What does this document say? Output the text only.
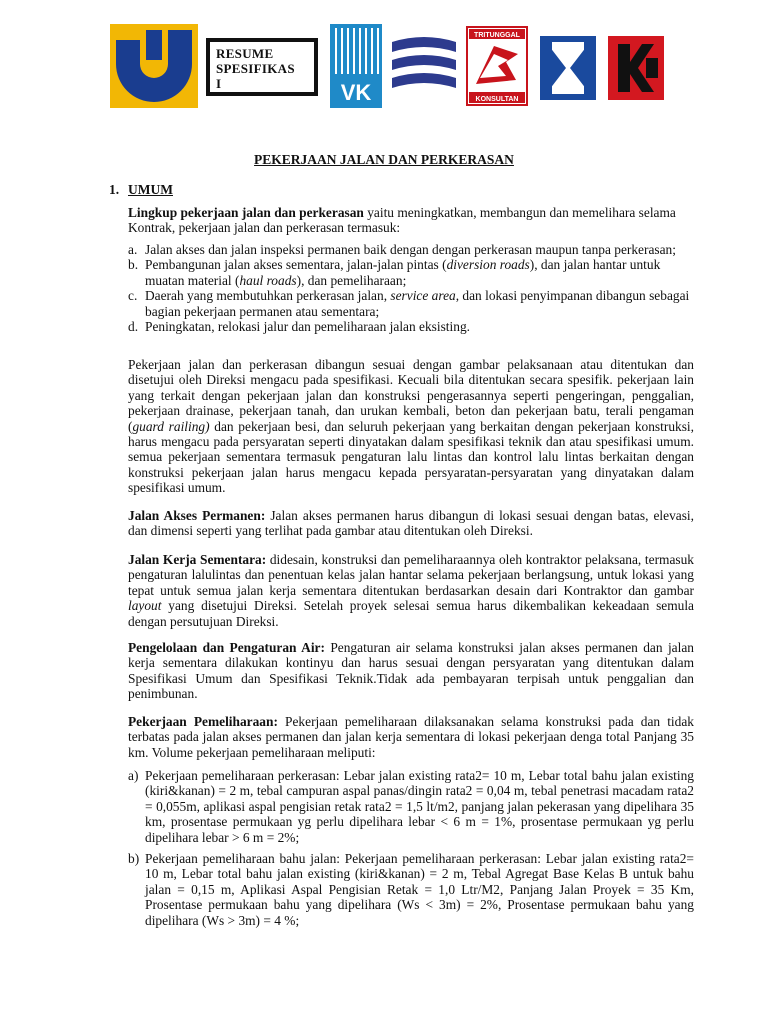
RESUME
SPESIFIKAS
I	VK
TRITUNGGAL
KONSULTAN
PEKERJAAN JALAN DAN PERKERASAN
1. UMUM

Lingkup pekerjaan jalan dan perkerasan yaitu meningkatkan, membangun dan memelihara selama Kontrak, pekerjaan jalan dan perkerasan termasuk:

a. Jalan akses dan jalan inspeksi permanen baik dengan dengan perkerasan maupun tanpa perkerasan;
b. Pembangunan jalan akses sementara, jalan-jalan pintas (diversion roads), dan jalan hantar untuk muatan material (haul roads), dan pemeliharaan;
c. Daerah yang membutuhkan perkerasan jalan, service area, dan lokasi penyimpanan dibangun sebagai bagian pekerjaan permanen atau sementara;
d. Peningkatan, relokasi jalur dan pemeliharaan jalan eksisting.

Pekerjaan jalan dan perkerasan dibangun sesuai dengan gambar pelaksanaan atau ditentukan dan disetujui oleh Direksi mengacu pada spesifikasi. Kecuali bila ditentukan secara spesifik. pekerjaan lain yang terkait dengan pekerjaan jalan dan konstruksi pengerasannya seperti pengeringan, penggalian, pekerjaan drainase, pekerjaan tanah, dan urukan kembali, beton dan pekerjaan batu, terali pengaman (guard railing) dan pekerjaan besi, dan seluruh pekerjaan yang berkaitan dengan pekerjaan konstruksi, harus mengacu pada persyaratan seperti dinyatakan dalam spesifikasi teknik dan atau spesifikasi umum. semua pekerjaan sementara termasuk pengaturan lalu lintas dan kontrol lalu lintas berkaitan dengan konstruksi pekerjaan jalan harus mengacu kepada persyaratan-persyaratan yang dinyatakan dalam spesifikasi umum.

Jalan Akses Permanen: Jalan akses permanen harus dibangun di lokasi sesuai dengan batas, elevasi, dan dimensi seperti yang terlihat pada gambar atau ditentukan oleh Direksi.

Jalan Kerja Sementara: didesain, konstruksi dan pemeliharaannya oleh kontraktor pelaksana, termasuk pengaturan lalulintas dan penentuan kelas jalan hantar selama pekerjaan berlangsung, untuk lokasi yang tepat untuk semua jalan kerja sementara ditentukan berdasarkan desain dari Kontraktor dan gambar layout yang disetujui Direksi. Setelah proyek selesai semua harus dikembalikan kekeadaan semula dengan persutujuan Direksi.

Pengelolaan dan Pengaturan Air: Pengaturan air selama konstruksi jalan akses permanen dan jalan kerja sementara dilakukan kontinyu dan harus sesuai dengan persyaratan yang ditentukan dalam Spesifikasi Umum dan Spesifikasi Teknik.Tidak ada pembayaran terpisah untuk penggalian dan penimbunan.

Pekerjaan Pemeliharaan: Pekerjaan pemeliharaan dilaksanakan selama konstruksi pada dan tidak terbatas pada jalan akses permanen dan jalan kerja sementara di lokasi pekerjaan denga total Panjang 35 km. Volume pekerjaan pemeliharaan meliputi:

a) Pekerjaan pemeliharaan perkerasan: Lebar jalan existing rata2= 10 m, Lebar total bahu jalan existing (kiri&kanan) = 2 m, tebal campuran aspal panas/dingin rata2 = 0,04 m, tebal penetrasi macadam rata2 = 0,055m, aplikasi aspal pengisian retak rata2 = 1,5 lt/m2, panjang jalan pekerasan yang dipelihara 35 km, prosentase permukaan yg perlu dipelihara lebar < 6 m = 1%, prosentase permukaan yg perlu dipelihara lebar > 6 m = 2%;
b) Pekerjaan pemeliharaan bahu jalan: Pekerjaan pemeliharaan perkerasan: Lebar jalan existing rata2= 10 m, Lebar total bahu jalan existing (kiri&kanan) = 2 m, Tebal Agregat Base Kelas B untuk bahu jalan = 0,15 m, Aplikasi Aspal Pengisian Retak = 1,0 Ltr/M2, Panjang Jalan Proyek = 35 Km, Prosentase permukaan bahu yang dipelihara (Ws < 3m) = 2%, Prosentase permukaan bahu yang dipelihara (Ws > 3m) = 4 %;
